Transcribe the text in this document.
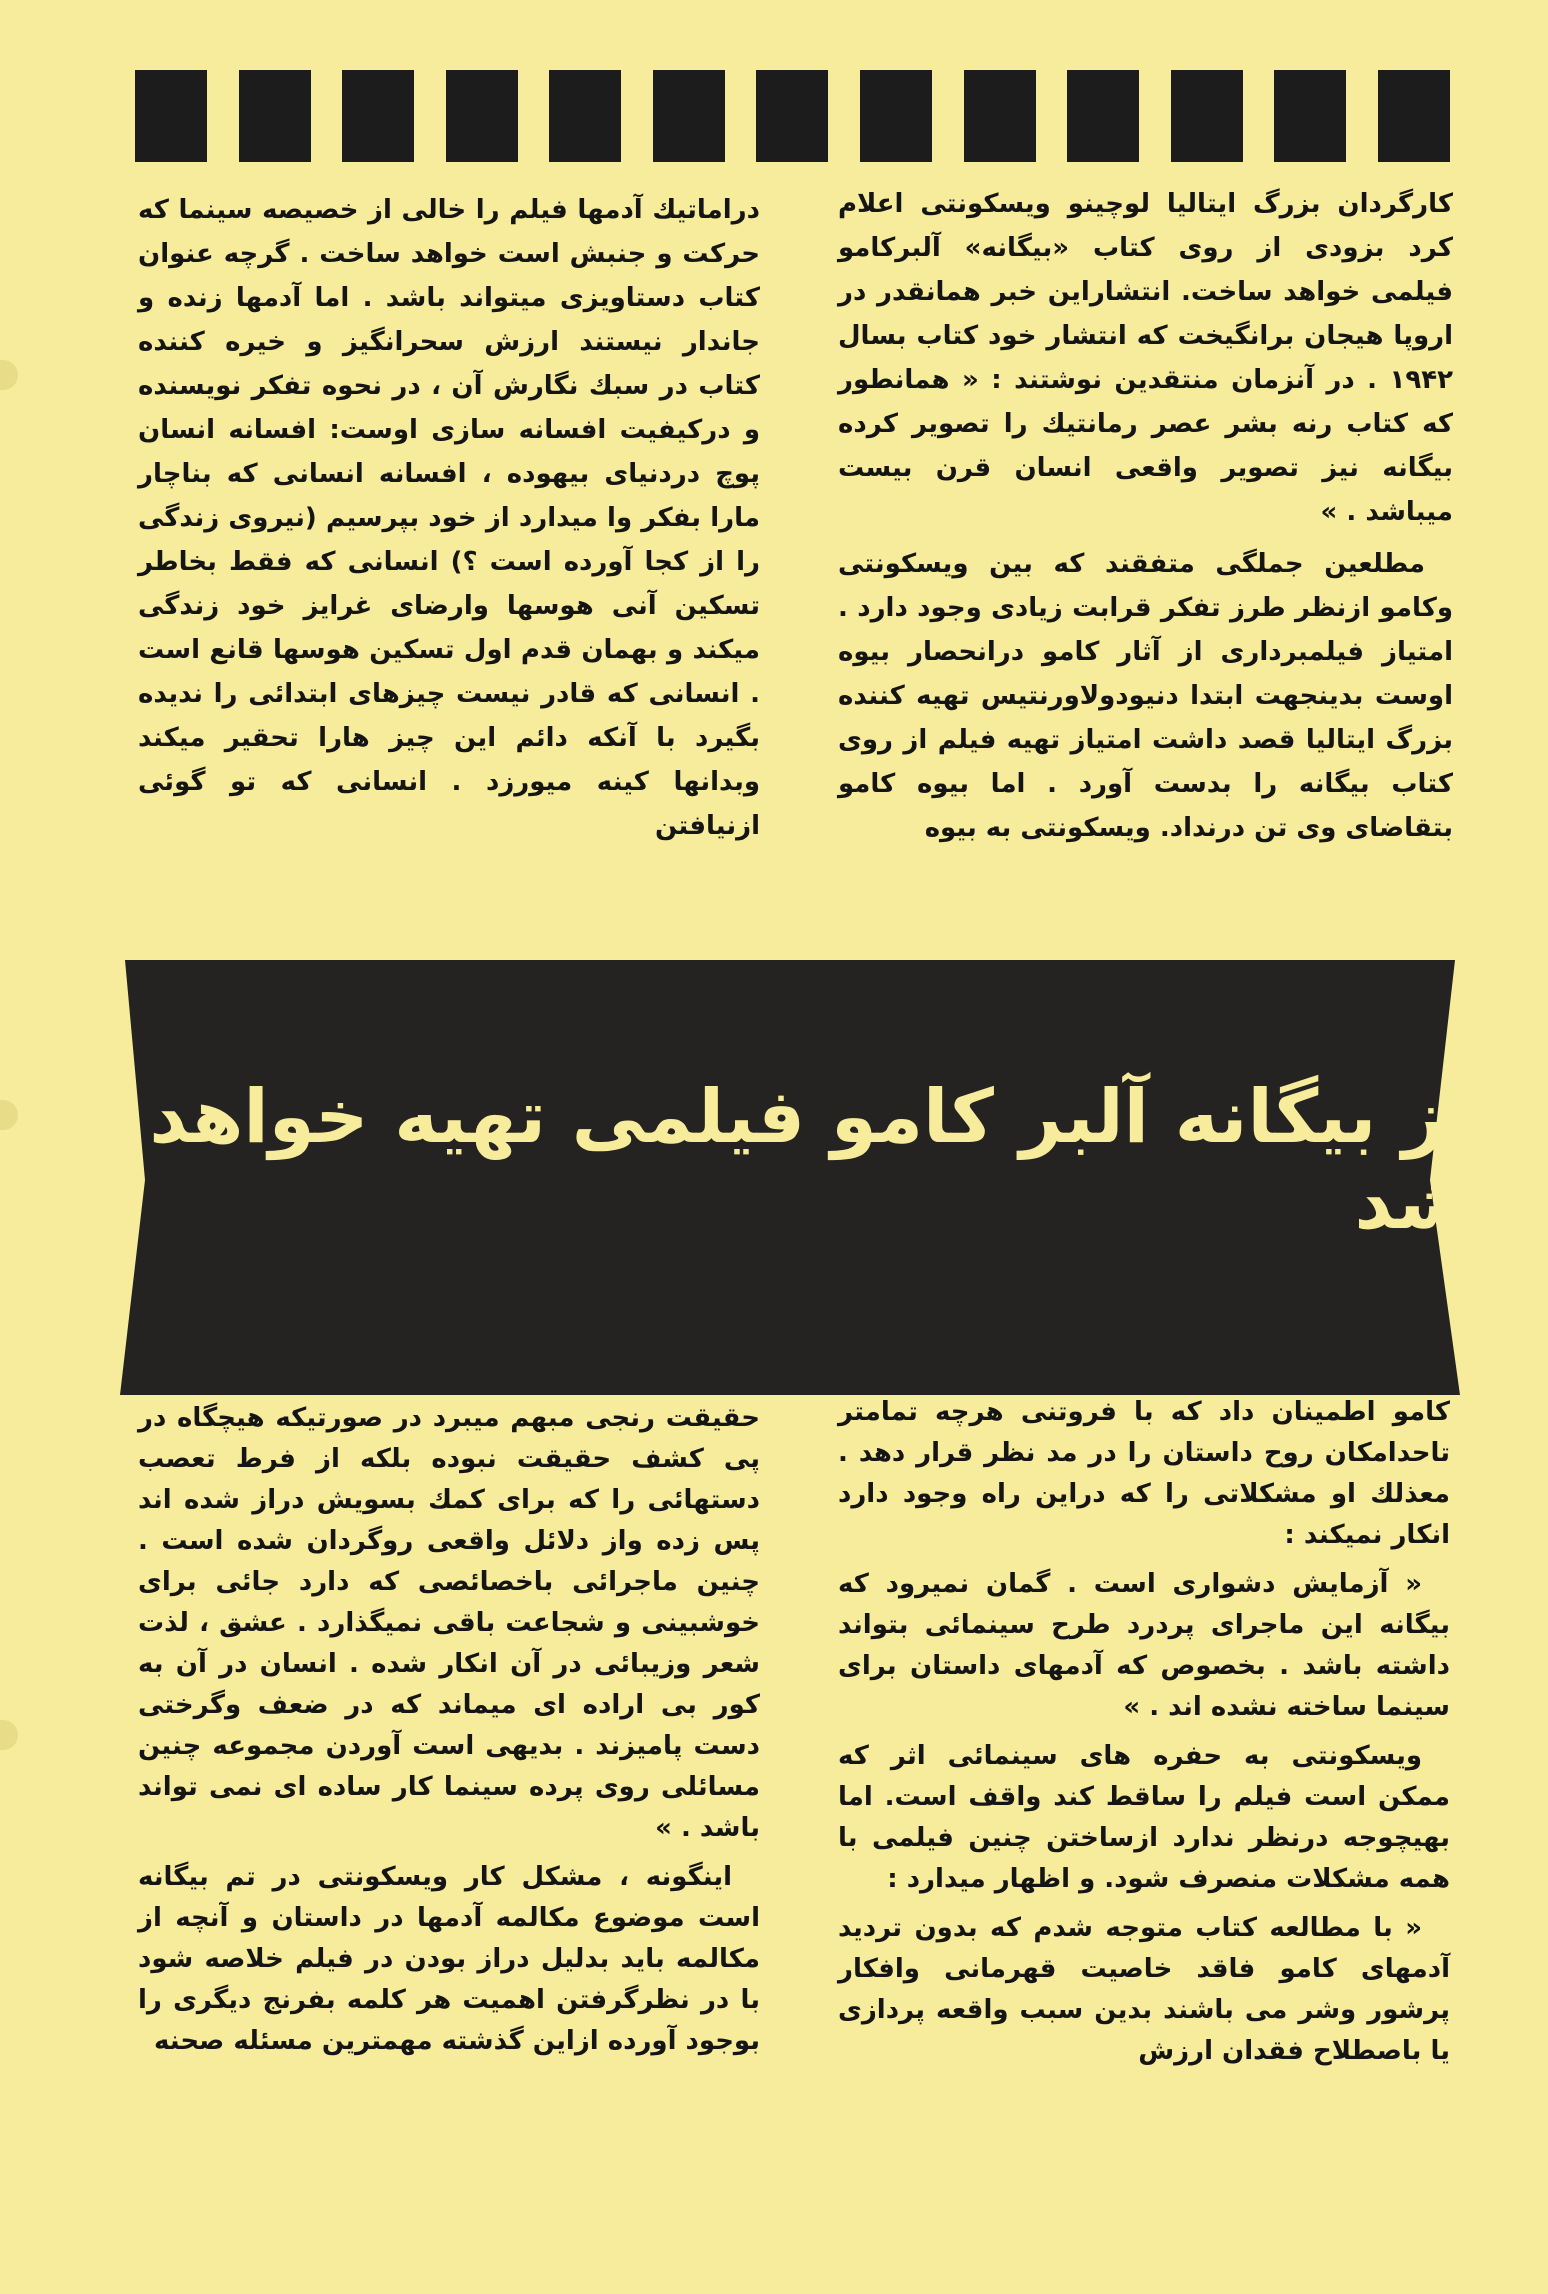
کارگردان بزرگ ایتالیا لوچینو ویسکونتی اعلام کرد بزودی از روی کتاب «بیگانه» آلبرکامو فیلمی خواهد ساخت. انتشاراین خبر همانقدر در اروپا هیجان برانگیخت که انتشار خود کتاب بسال ۱۹۴۲ . در آنزمان منتقدین نوشتند : « همانطور که کتاب رنه بشر عصر رمانتیك را تصویر کرده بیگانه نیز تصویر واقعی انسان قرن بیست میباشد . »

مطلعین جملگی متفقند که بین ویسکونتی وکامو ازنظر طرز تفکر قرابت زیادی وجود دارد . امتیاز فیلمبرداری از آثار کامو درانحصار بیوه اوست بدینجهت ابتدا دنیودولاورنتیس تهیه کننده بزرگ ایتالیا قصد داشت امتیاز تهیه فیلم از روی کتاب بیگانه را بدست آورد . اما بیوه کامو بتقاضای وی تن درنداد. ویسکونتی به بیوه

دراماتیك آدمها فیلم را خالی از خصیصه سینما که حرکت و جنبش است خواهد ساخت . گرچه عنوان کتاب دستاویزی میتواند باشد . اما آدمها زنده و جاندار نیستند ارزش سحرانگیز و خیره کننده کتاب در سبك نگارش آن ، در نحوه تفکر نویسنده و درکیفیت افسانه سازی اوست: افسانه انسان پوچ دردنیای بیهوده ، افسانه انسانی که بناچار مارا بفکر وا میدارد از خود بپرسیم (نیروی زندگی را از کجا آورده است ؟) انسانی که فقط بخاطر تسکین آنی هوسها وارضای غرایز خود زندگی میکند و بهمان قدم اول تسکین هوسها قانع است . انسانی که قادر نیست چیزهای ابتدائی را ندیده بگیرد با آنکه دائم این چیز هارا تحقیر میکند وبدانها کینه میورزد . انسانی که تو گوئی ازنیافتن

از بیگانه آلبر کامو فیلمی تهیه خواهد شد

کامو اطمینان داد که با فروتنی هرچه تمامتر تاحدامکان روح داستان را در مد نظر قرار دهد . معذلك او مشکلاتی را که دراین راه وجود دارد انکار نمیکند :

« آزمایش دشواری است . گمان نمیرود که بیگانه این ماجرای پردرد طرح سینمائی بتواند داشته باشد . بخصوص که آدمهای داستان برای سینما ساخته نشده اند . »

ویسکونتی به حفره های سینمائی اثر که ممکن است فیلم را ساقط کند واقف است. اما بهیچوجه درنظر ندارد ازساختن چنین فیلمی با همه مشکلات منصرف شود. و اظهار میدارد :

« با مطالعه کتاب متوجه شدم که بدون تردید آدمهای کامو فاقد خاصیت قهرمانی وافکار پرشور وشر می باشند بدین سبب واقعه پردازی یا باصطلاح فقدان ارزش

حقیقت رنجی مبهم میبرد در صورتیکه هیچگاه در پی کشف حقیقت نبوده بلکه از فرط تعصب دستهائی را که برای کمك بسویش دراز شده اند پس زده واز دلائل واقعی روگردان شده است . چنین ماجرائی باخصائصی که دارد جائی برای خوشبینی و شجاعت باقی نمیگذارد . عشق ، لذت شعر وزیبائی در آن انکار شده . انسان در آن به کور بی اراده ای میماند که در ضعف وگرختی دست پامیزند . بدیهی است آوردن مجموعه چنین مسائلی روی پرده سینما کار ساده ای نمی تواند باشد . »

اینگونه ، مشکل کار ویسکونتی در تم بیگانه است موضوع مکالمه آدمها در داستان و آنچه از مکالمه باید بدلیل دراز بودن در فیلم خلاصه شود با در نظرگرفتن اهمیت هر کلمه بفرنج دیگری را بوجود آورده ازاین گذشته مهمترین مسئله صحنه
